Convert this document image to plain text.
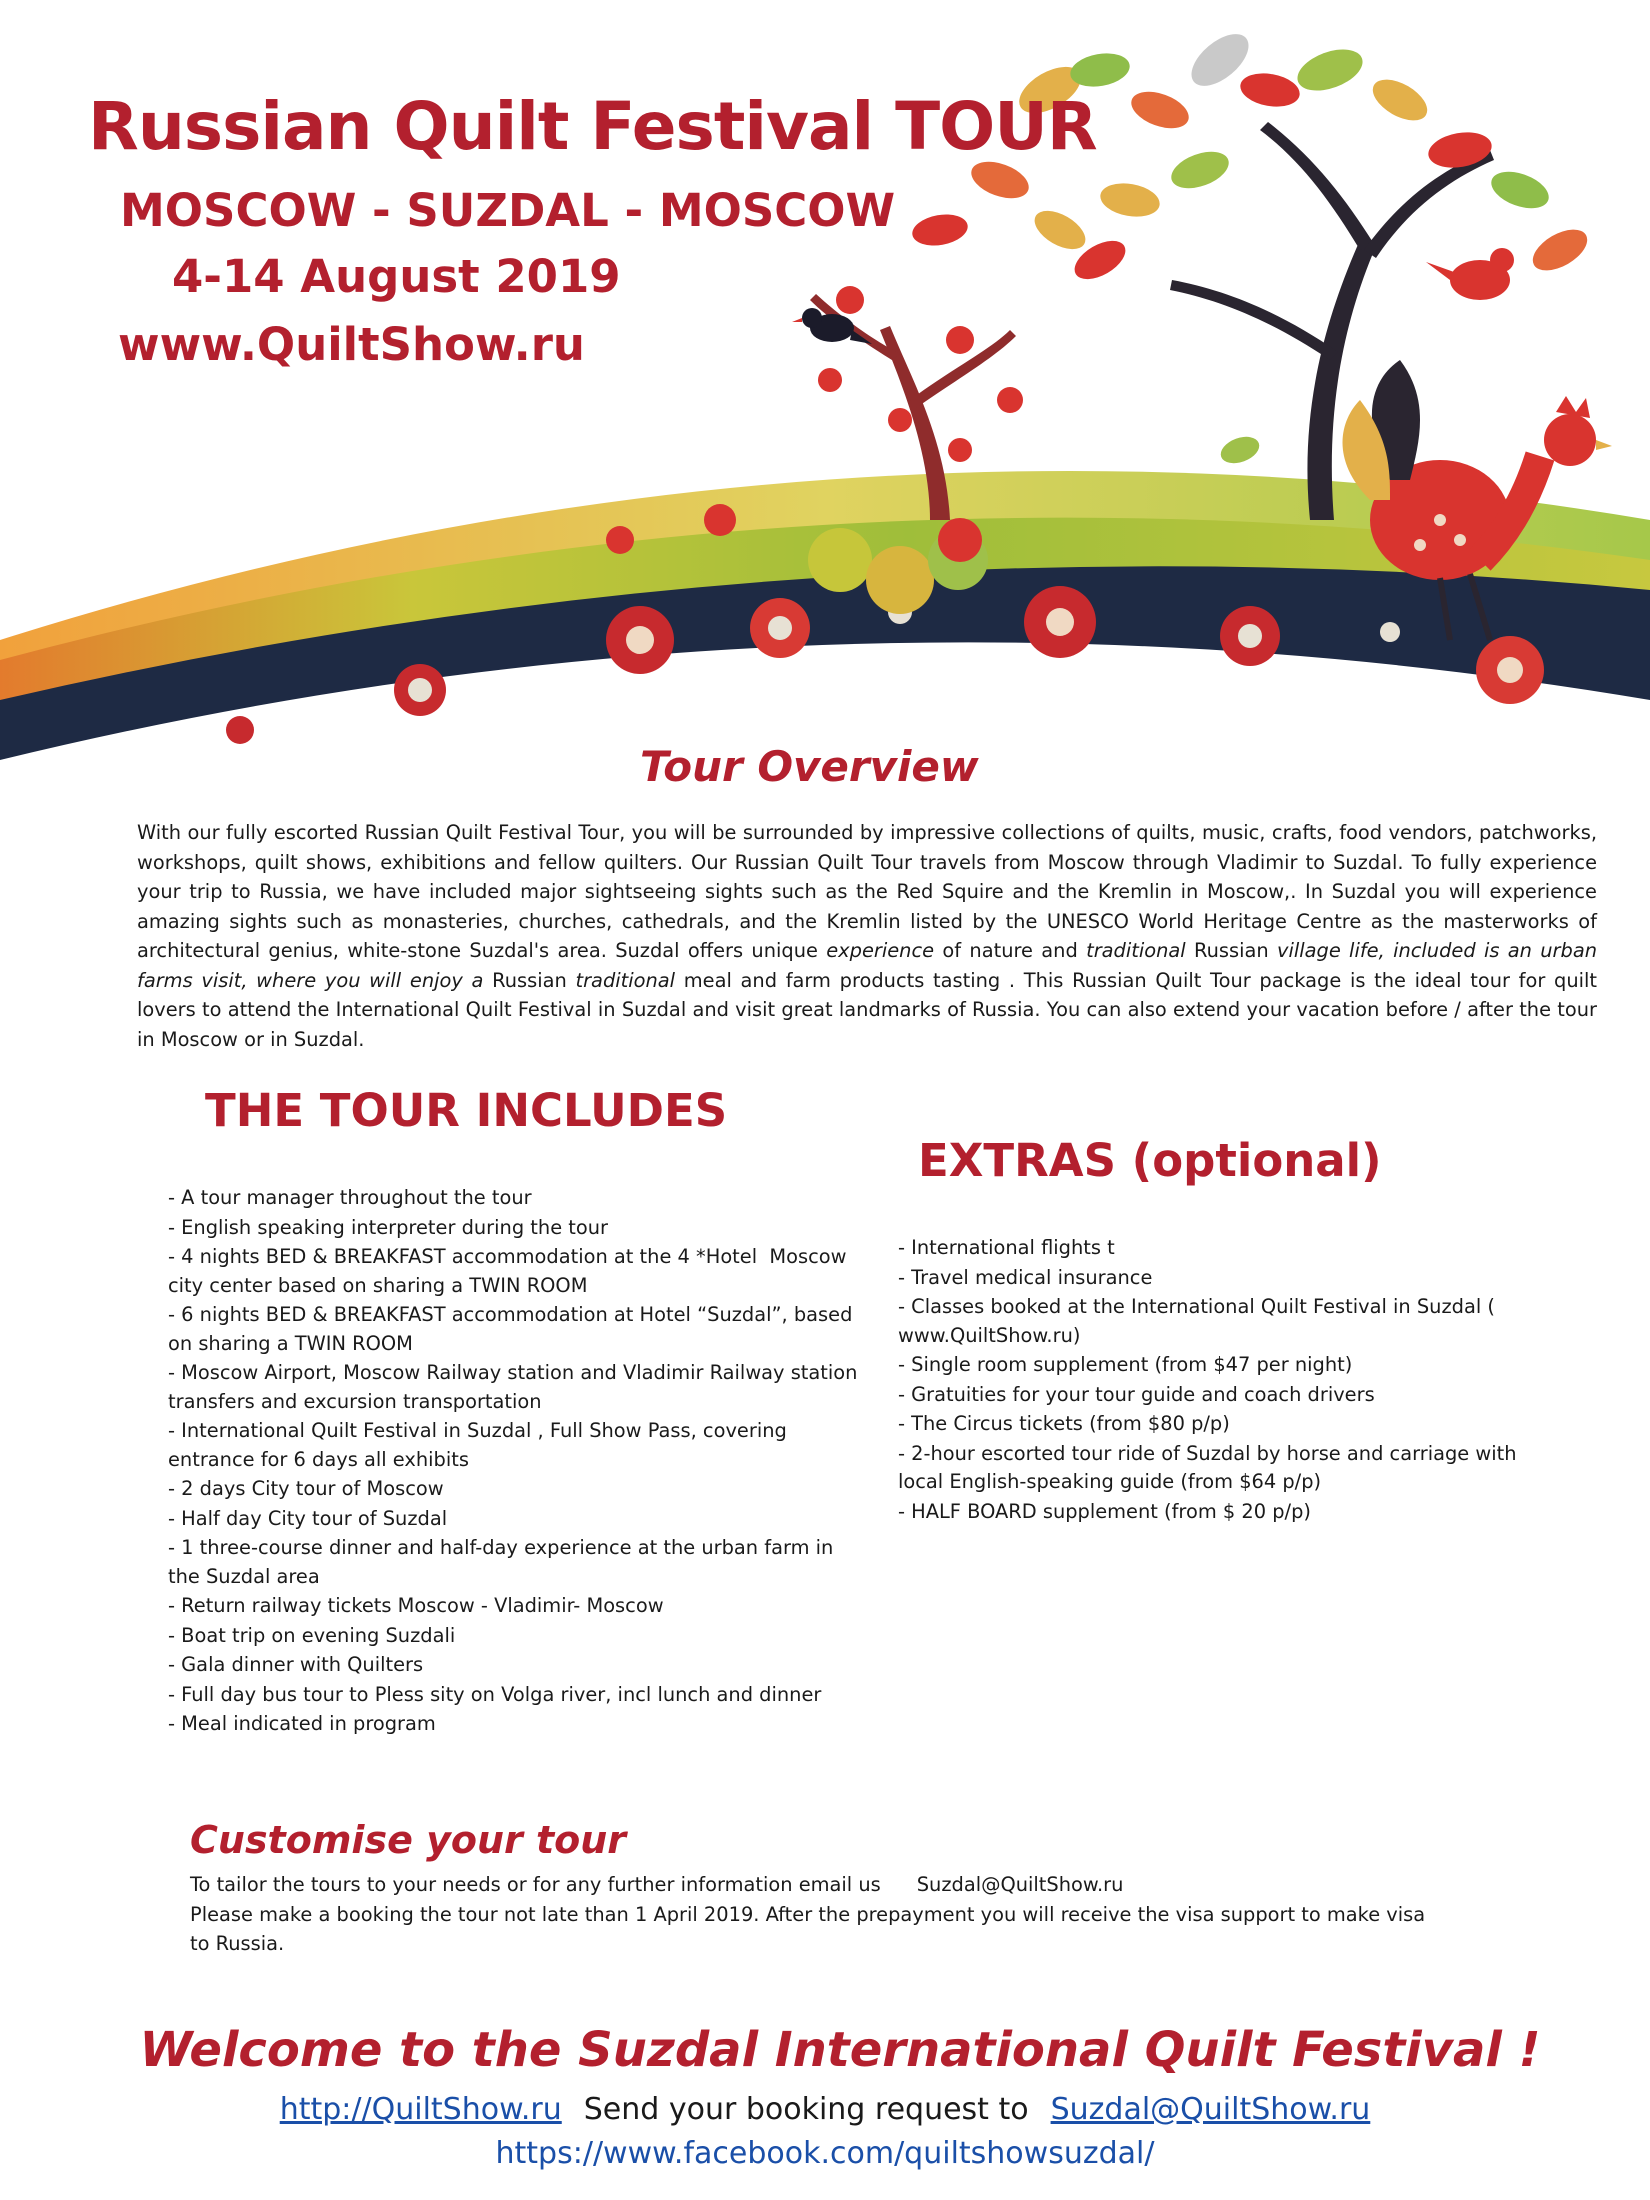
Russian Quilt Festival TOUR
MOSCOW - SUZDAL - MOSCOW
4-14 August 2019
www.QuiltShow.ru
Tour Overview

With our fully escorted Russian Quilt Festival Tour, you will be surrounded by impressive collections of quilts, music, crafts, food vendors, patchworks, workshops, quilt shows, exhibitions and fellow quilters. Our Russian Quilt Tour travels from Moscow through Vladimir to Suzdal. To fully experience your trip to Russia, we have included major sightseeing sights such as the Red Squire and the Kremlin in Moscow,. In Suzdal you will experience amazing sights such as monasteries, churches, cathedrals, and the Kremlin listed by the UNESCO World Heritage Centre as the masterworks of architectural genius, white-stone Suzdal's area. Suzdal offers unique experience of nature and traditional Russian village life, included is an urban farms visit, where you will enjoy a Russian traditional meal and farm products tasting . This Russian Quilt Tour package is the ideal tour for quilt lovers to attend the International Quilt Festival in Suzdal and visit great landmarks of Russia. You can also extend your vacation before / after the tour in Moscow or in Suzdal.

THE TOUR INCLUDES
- A tour manager throughout the tour
- English speaking interpreter during the tour
- 4 nights BED & BREAKFAST accommodation at the 4 *Hotel  Moscow city center based on sharing a TWIN ROOM
- 6 nights BED & BREAKFAST accommodation at Hotel “Suzdal”, based on sharing a TWIN ROOM
- Moscow Airport, Moscow Railway station and Vladimir Railway station transfers and excursion transportation
- International Quilt Festival in Suzdal , Full Show Pass, covering entrance for 6 days all exhibits
- 2 days City tour of Moscow
- Half day City tour of Suzdal
- 1 three-course dinner and half-day experience at the urban farm in the Suzdal area
- Return railway tickets Moscow - Vladimir- Moscow
- Boat trip on evening Suzdali
- Gala dinner with Quilters
- Full day bus tour to Pless sity on Volga river, incl lunch and dinner
- Meal indicated in program
EXTRAS (optional)
- International flights t
- Travel medical insurance
- Classes booked at the International Quilt Festival in Suzdal ( www.QuiltShow.ru)
- Single room supplement (from $47 per night)
- Gratuities for your tour guide and coach drivers
- The Circus tickets (from $80 p/p)
- 2-hour escorted tour ride of Suzdal by horse and carriage with local English-speaking guide (from $64 p/p)
- HALF BOARD supplement (from $ 20 p/p)
Customise your tour
To tailor the tours to your needs or for any further information email us Suzdal@QuiltShow.ru
Please make a booking the tour not late than 1 April 2019. After the prepayment you will receive the visa support to make visa to Russia.
Welcome to the Suzdal International Quilt Festival !
http://QuiltShow.ru Send your booking request to Suzdal@QuiltShow.ru
https://www.facebook.com/quiltshowsuzdal/
